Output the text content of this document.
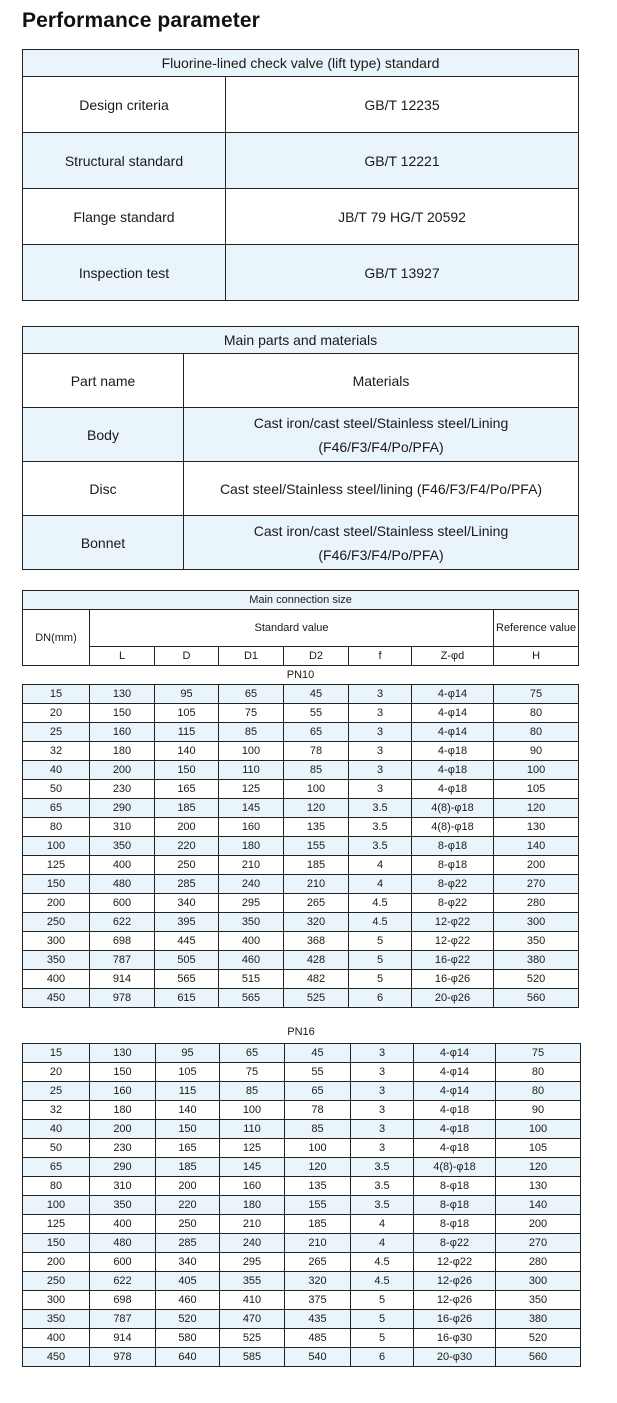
Performance parameter
Fluorine-lined check valve (lift type) standard	
Design criteria	GB/T 12235
Structural standard	GB/T 12221
Flange standard	JB/T 79 HG/T 20592
Inspection test	GB/T 13927
Main parts and materials	
Part name	Materials
Body	Cast iron/cast steel/Stainless steel/Lining
(F46/F3/F4/Po/PFA)

Disc	Cast steel/Stainless steel/lining (F46/F3/F4/Po/PFA)

Bonnet	Cast iron/cast steel/Stainless steel/Lining
(F46/F3/F4/Po/PFA)
Main connection size							
DN(mm)	Standard value						Reference value
	L	D	D1	D2	f	Z-φd	H
PN10							
15	130	95	65	45	3	4-φ14	75
20	150	105	75	55	3	4-φ14	80
25	160	115	85	65	3	4-φ14	80
32	180	140	100	78	3	4-φ18	90
40	200	150	110	85	3	4-φ18	100
50	230	165	125	100	3	4-φ18	105
65	290	185	145	120	3.5	4(8)-φ18	120
80	310	200	160	135	3.5	4(8)-φ18	130
100	350	220	180	155	3.5	8-φ18	140
125	400	250	210	185	4	8-φ18	200
150	480	285	240	210	4	8-φ22	270
200	600	340	295	265	4.5	8-φ22	280
250	622	395	350	320	4.5	12-φ22	300
300	698	445	400	368	5	12-φ22	350
350	787	505	460	428	5	16-φ22	380
400	914	565	515	482	5	16-φ26	520
450	978	615	565	525	6	20-φ26	560
PN16
15	130	95	65	45	3	4-φ14	75
20	150	105	75	55	3	4-φ14	80
25	160	115	85	65	3	4-φ14	80
32	180	140	100	78	3	4-φ18	90
40	200	150	110	85	3	4-φ18	100
50	230	165	125	100	3	4-φ18	105
65	290	185	145	120	3.5	4(8)-φ18	120
80	310	200	160	135	3.5	8-φ18	130
100	350	220	180	155	3.5	8-φ18	140
125	400	250	210	185	4	8-φ18	200
150	480	285	240	210	4	8-φ22	270
200	600	340	295	265	4.5	12-φ22	280
250	622	405	355	320	4.5	12-φ26	300
300	698	460	410	375	5	12-φ26	350
350	787	520	470	435	5	16-φ26	380
400	914	580	525	485	5	16-φ30	520
450	978	640	585	540	6	20-φ30	560
